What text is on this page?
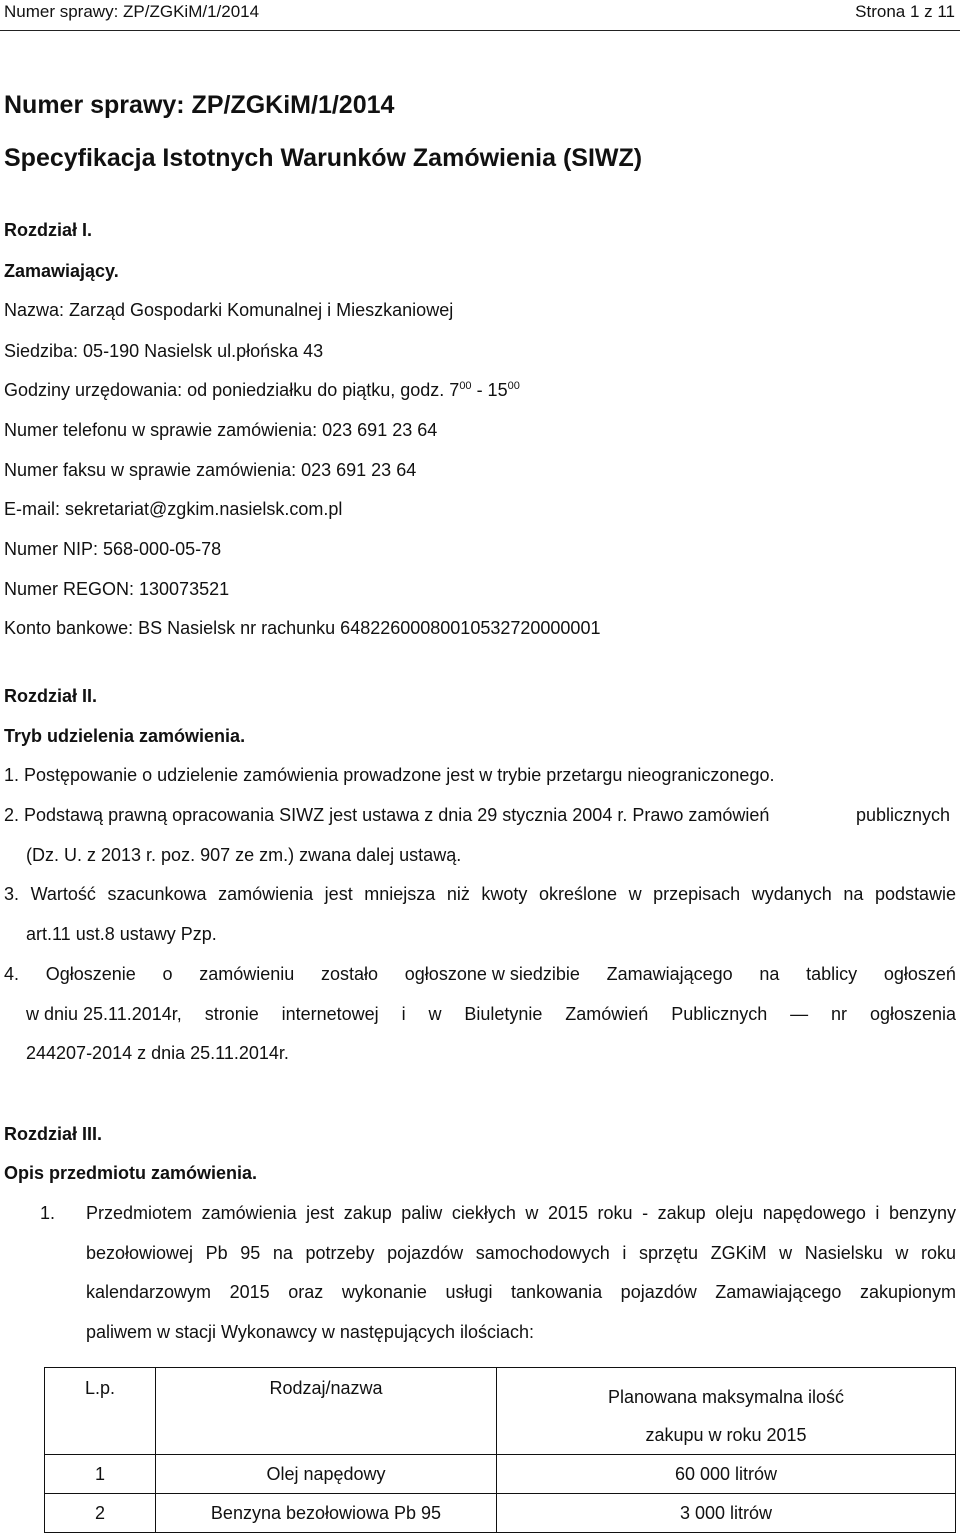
Numer sprawy: ZP/ZGKiM/1/2014	Strona 1 z 11
Numer sprawy: ZP/ZGKiM/1/2014
Specyfikacja Istotnych Warunków Zamówienia (SIWZ)
Rozdział I.
Zamawiający.
Nazwa: Zarząd Gospodarki Komunalnej i Mieszkaniowej
Siedziba: 05-190 Nasielsk ul.płońska 43
Godziny urzędowania: od poniedziałku do piątku, godz. $7^{00} - 15^{00}$
Numer telefonu w sprawie zamówienia: 023 691 23 64
Numer faksu w sprawie zamówienia: 023 691 23 64
E-mail: sekretariat@zgkim.nasielsk.com.pl
Numer NIP: 568-000-05-78
Numer REGON: 130073521
Konto bankowe: BS Nasielsk nr rachunku 64822600080010532720000001
Rozdział II.
Tryb udzielenia zamówienia.
1. Postępowanie o udzielenie zamówienia prowadzone jest w trybie przetargu nieograniczonego.
2. Podstawą prawną opracowania SIWZ jest ustawa z dnia 29 stycznia 2004 r. Prawo zamówień	publicznych
(Dz. U. z 2013 r. poz. 907 ze zm.) zwana dalej ustawą.
3. Wartość szacunkowa zamówienia jest mniejsza niż kwoty określone w przepisach wydanych na podstawie
art.11 ust.8 ustawy Pzp.
4. Ogłoszenie o zamówieniu zostało ogłoszone w siedzibie Zamawiającego na tablicy ogłoszeń
w dniu 25.11.2014r, stronie internetowej i w Biuletynie Zamówień Publicznych — nr ogłoszenia
244207-2014 z dnia 25.11.2014r.
Rozdział III.
Opis przedmiotu zamówienia.
1. Przedmiotem zamówienia jest zakup paliw ciekłych w 2015 roku - zakup oleju napędowego i benzyny
bezołowiowej Pb 95 na potrzeby pojazdów samochodowych i sprzętu ZGKiM w Nasielsku w roku
kalendarzowym 2015 oraz wykonanie usługi tankowania pojazdów Zamawiającego zakupionym
paliwem w stacji Wykonawcy w następujących ilościach:
L.p.	Rodzaj/nazwa	Planowana maksymalna ilość
zakupu w roku 2015

1	Olej napędowy	60 000 litrów
2	Benzyna bezołowiowa Pb 95	3 000 litrów
